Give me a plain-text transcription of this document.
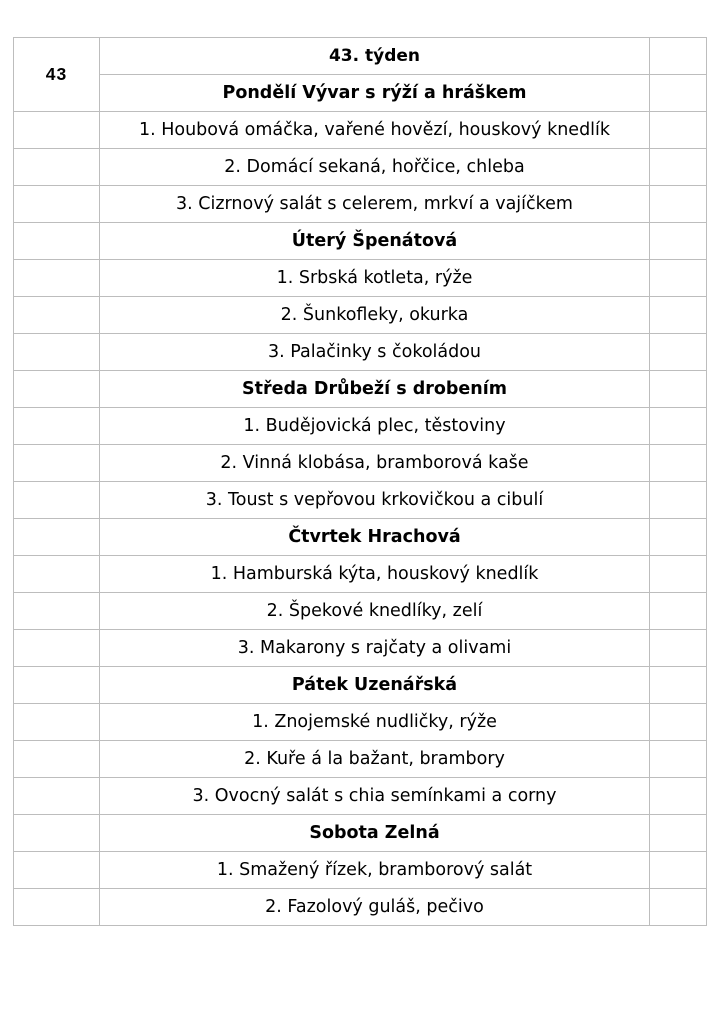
43	43. týden	
	Pondělí Vývar s rýží a hráškem	
	1. Houbová omáčka, vařené hovězí, houskový knedlík	
	2. Domácí sekaná, hořčice, chleba	
	3. Cizrnový salát s celerem, mrkví a vajíčkem	
	Úterý Špenátová	
	1. Srbská kotleta, rýže	
	2. Šunkofleky, okurka	
	3. Palačinky s čokoládou	
	Středa Drůbeží s drobením	
	1. Budějovická plec, těstoviny	
	2. Vinná klobása, bramborová kaše	
	3. Toust s vepřovou krkovičkou a cibulí	
	Čtvrtek Hrachová	
	1. Hamburská kýta, houskový knedlík	
	2. Špekové knedlíky, zelí	
	3. Makarony s rajčaty a olivami	
	Pátek Uzenářská	
	1. Znojemské nudličky, rýže	
	2. Kuře á la bažant, brambory	
	3. Ovocný salát s chia semínkami a corny	
	Sobota Zelná	
	1. Smažený řízek, bramborový salát	
	2. Fazolový guláš, pečivo	
